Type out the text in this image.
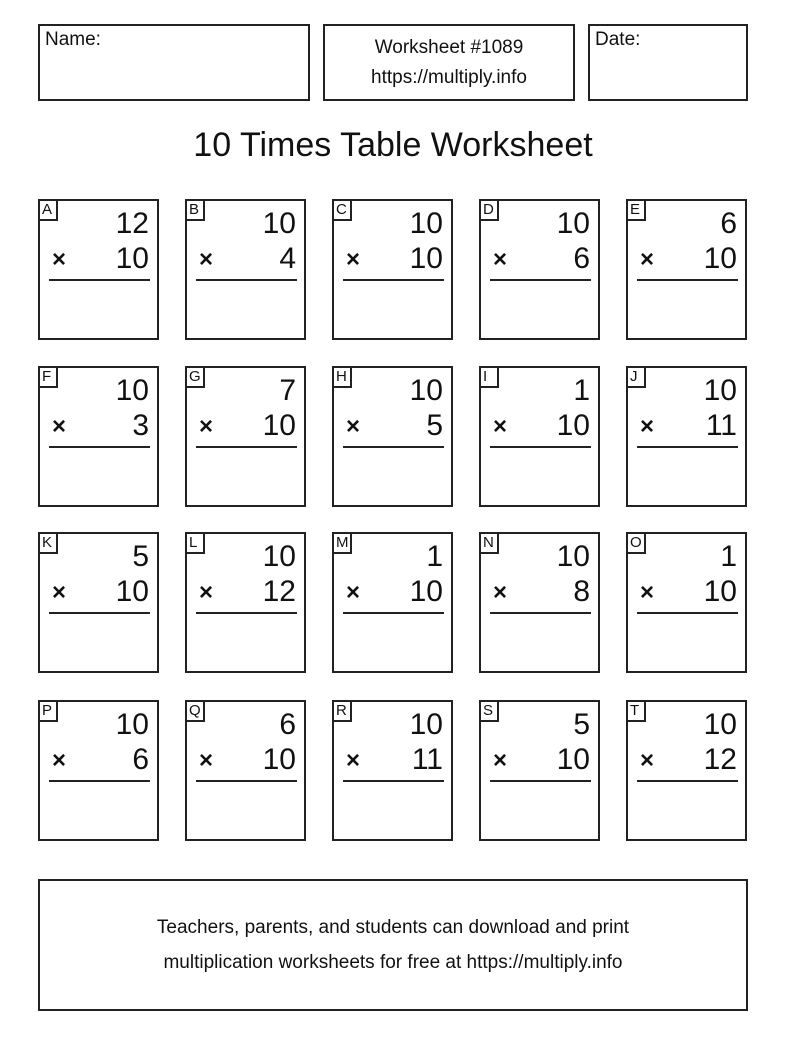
Name:	Worksheet #1089
https://multiply.info
Date:
10 Times Table Worksheet
A 12
× 10
B 10
× 4
C 10
× 10
D 10
× 6
E	6
× 10
F 10
× 3
G	7
× 10
H 10
× 5
I	1
× 10
J 10
× 11
K	5
× 10
L 10
× 12
M	1
× 10
N 10
× 8
O	1
× 10
P 10
× 6
Q	6
× 10
R 10
× 11
S	5
× 10
T 10
× 12
Teachers, parents, and students can download and print
multiplication worksheets for free at https://multiply.info
